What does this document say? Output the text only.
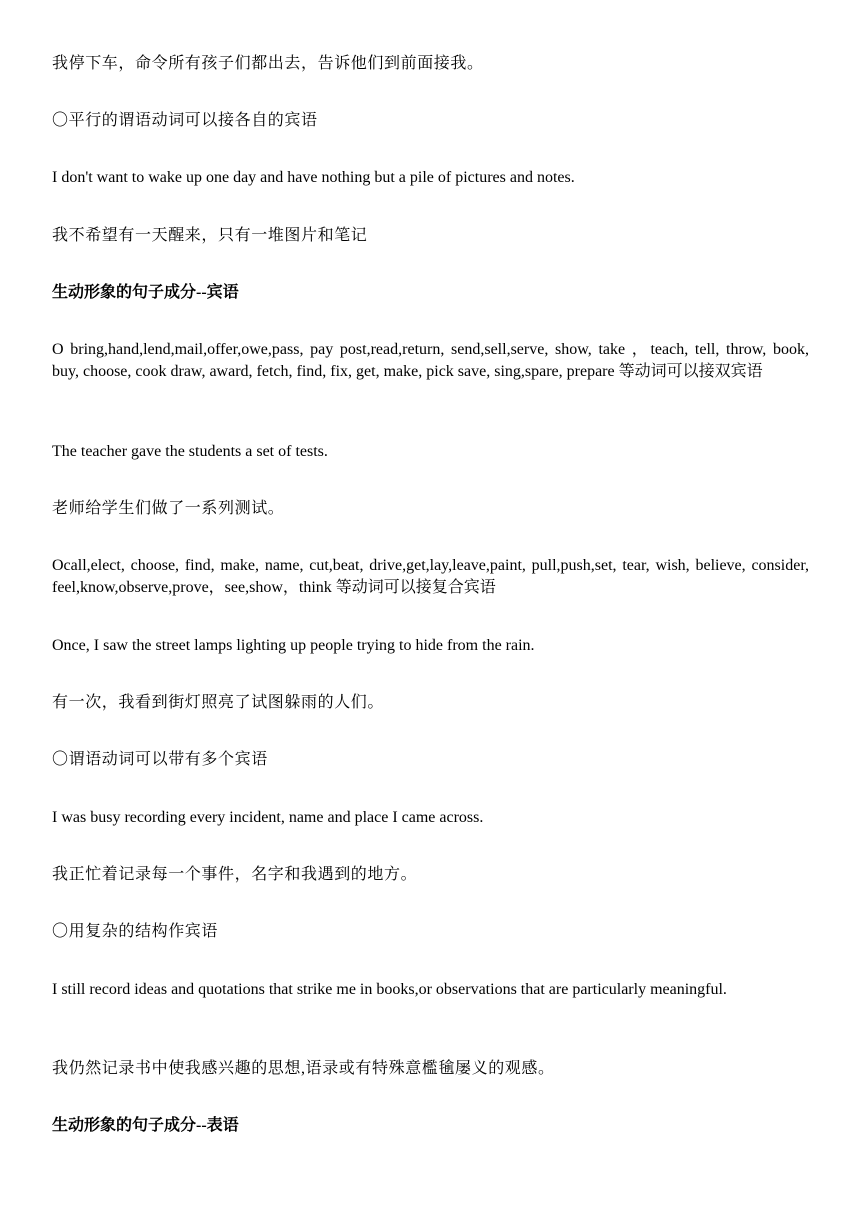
我停下车，命令所有孩子们都出去，告诉他们到前面接我。

〇平行的谓语动词可以接各自的宾语

I don't want to wake up one day and have nothing but a pile of pictures and notes.

我不希望有一天醒来，只有一堆图片和笔记

生动形象的句子成分--宾语

O bring,hand,lend,mail,offer,owe,pass, pay post,read,return, send,sell,serve, show, take ，teach, tell, throw, book, buy, choose, cook draw, award, fetch, find, fix, get, make, pick save, sing,spare, prepare 等动词可以接双宾语

The teacher gave the students a set of tests.

老师给学生们做了一系列测试。

Ocall,elect, choose, find, make, name, cut,beat, drive,get,lay,leave,paint, pull,push,set, tear, wish, believe, consider, feel,know,observe,prove，see,show，think 等动词可以接复合宾语

Once, I saw the street lamps lighting up people trying to hide from the rain.

有一次，我看到街灯照亮了试图躲雨的人们。

〇谓语动词可以带有多个宾语

I was busy recording every incident, name and place I came across.

我正忙着记录每一个事件，名字和我遇到的地方。

〇用复杂的结构作宾语

I still record ideas and quotations that strike me in books,or observations that are particularly meaningful.

我仍然记录书中使我感兴趣的思想,语录或有特殊意檻毺屡义的观感。

生动形象的句子成分--表语
